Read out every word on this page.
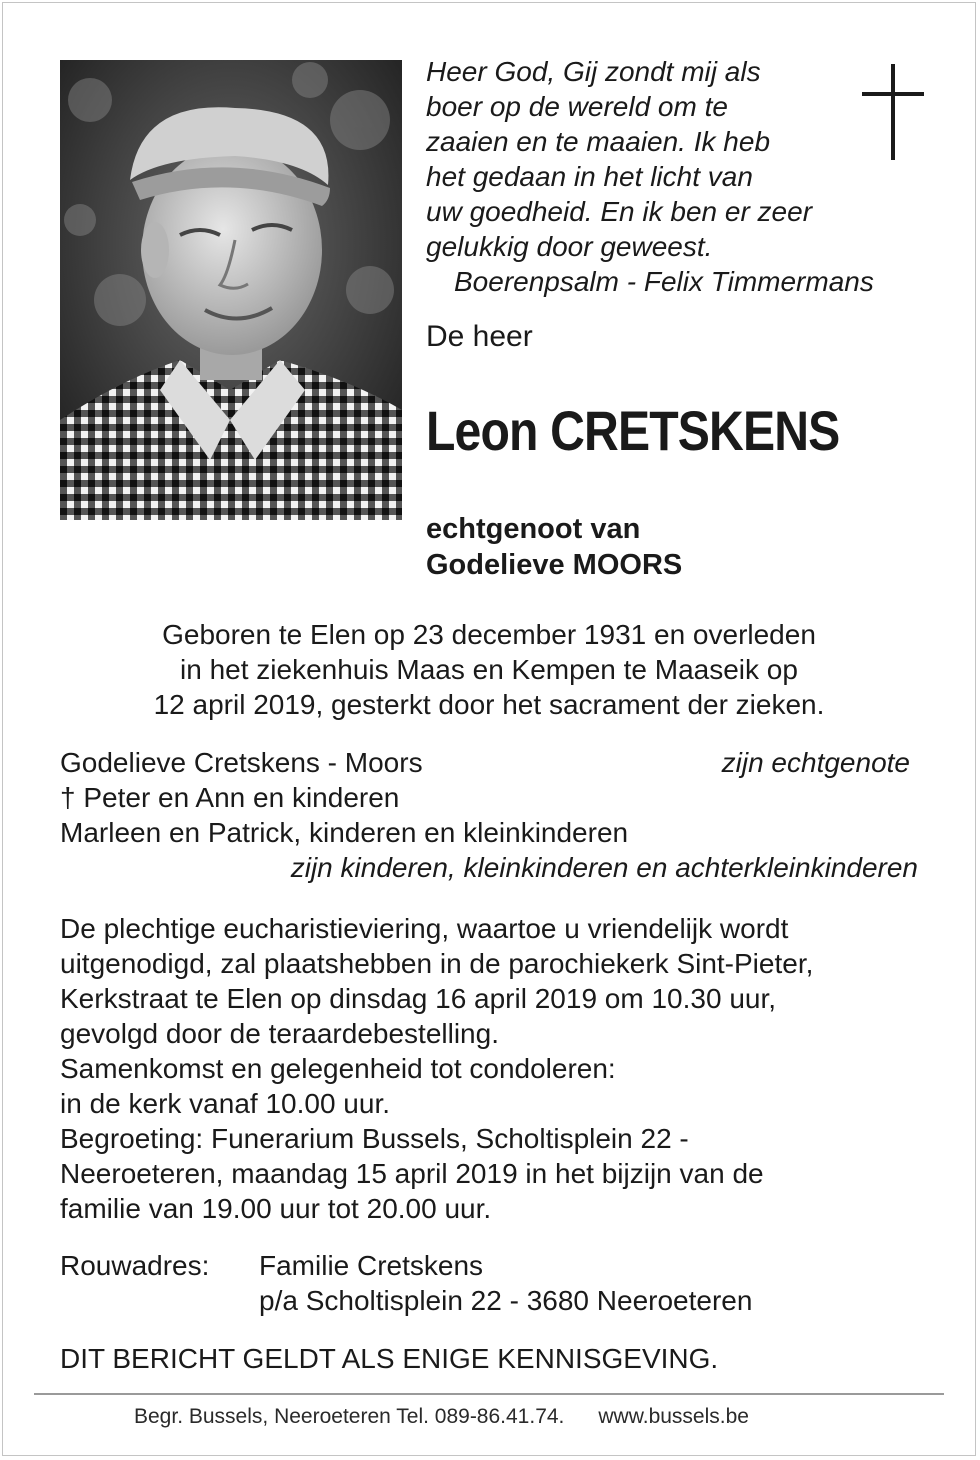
Heer God, Gij zondt mij als
boer op de wereld om te
zaaien en te maaien. Ik heb
het gedaan in het licht van
uw goedheid. En ik ben er zeer
gelukkig door geweest.
Boerenpsalm - Felix Timmermans
De heer
Leon CRETSKENS
echtgenoot van
Godelieve MOORS
Geboren te Elen op 23 december 1931 en overleden
in het ziekenhuis Maas en Kempen te Maaseik op
12 april 2019, gesterkt door het sacrament der zieken.
Godelieve Cretskens - Moors	zijn echtgenote
† Peter en Ann en kinderen
Marleen en Patrick, kinderen en kleinkinderen
zijn kinderen, kleinkinderen en achterkleinkinderen
De plechtige eucharistieviering, waartoe u vriendelijk wordt
uitgenodigd, zal plaatshebben in de parochiekerk Sint-Pieter,
Kerkstraat te Elen op dinsdag 16 april 2019 om 10.30 uur,
gevolgd door de teraardebestelling.
Samenkomst en gelegenheid tot condoleren:
in de kerk vanaf 10.00 uur.
Begroeting: Funerarium Bussels, Scholtisplein 22 -
Neeroeteren, maandag 15 april 2019 in het bijzijn van de
familie van 19.00 uur tot 20.00 uur.
Rouwadres: Familie Cretskens
p/a Scholtisplein 22 - 3680 Neeroeteren
DIT BERICHT GELDT ALS ENIGE KENNISGEVING.
Begr. Bussels, Neeroeteren Tel. 089-86.41.74. www.bussels.be
